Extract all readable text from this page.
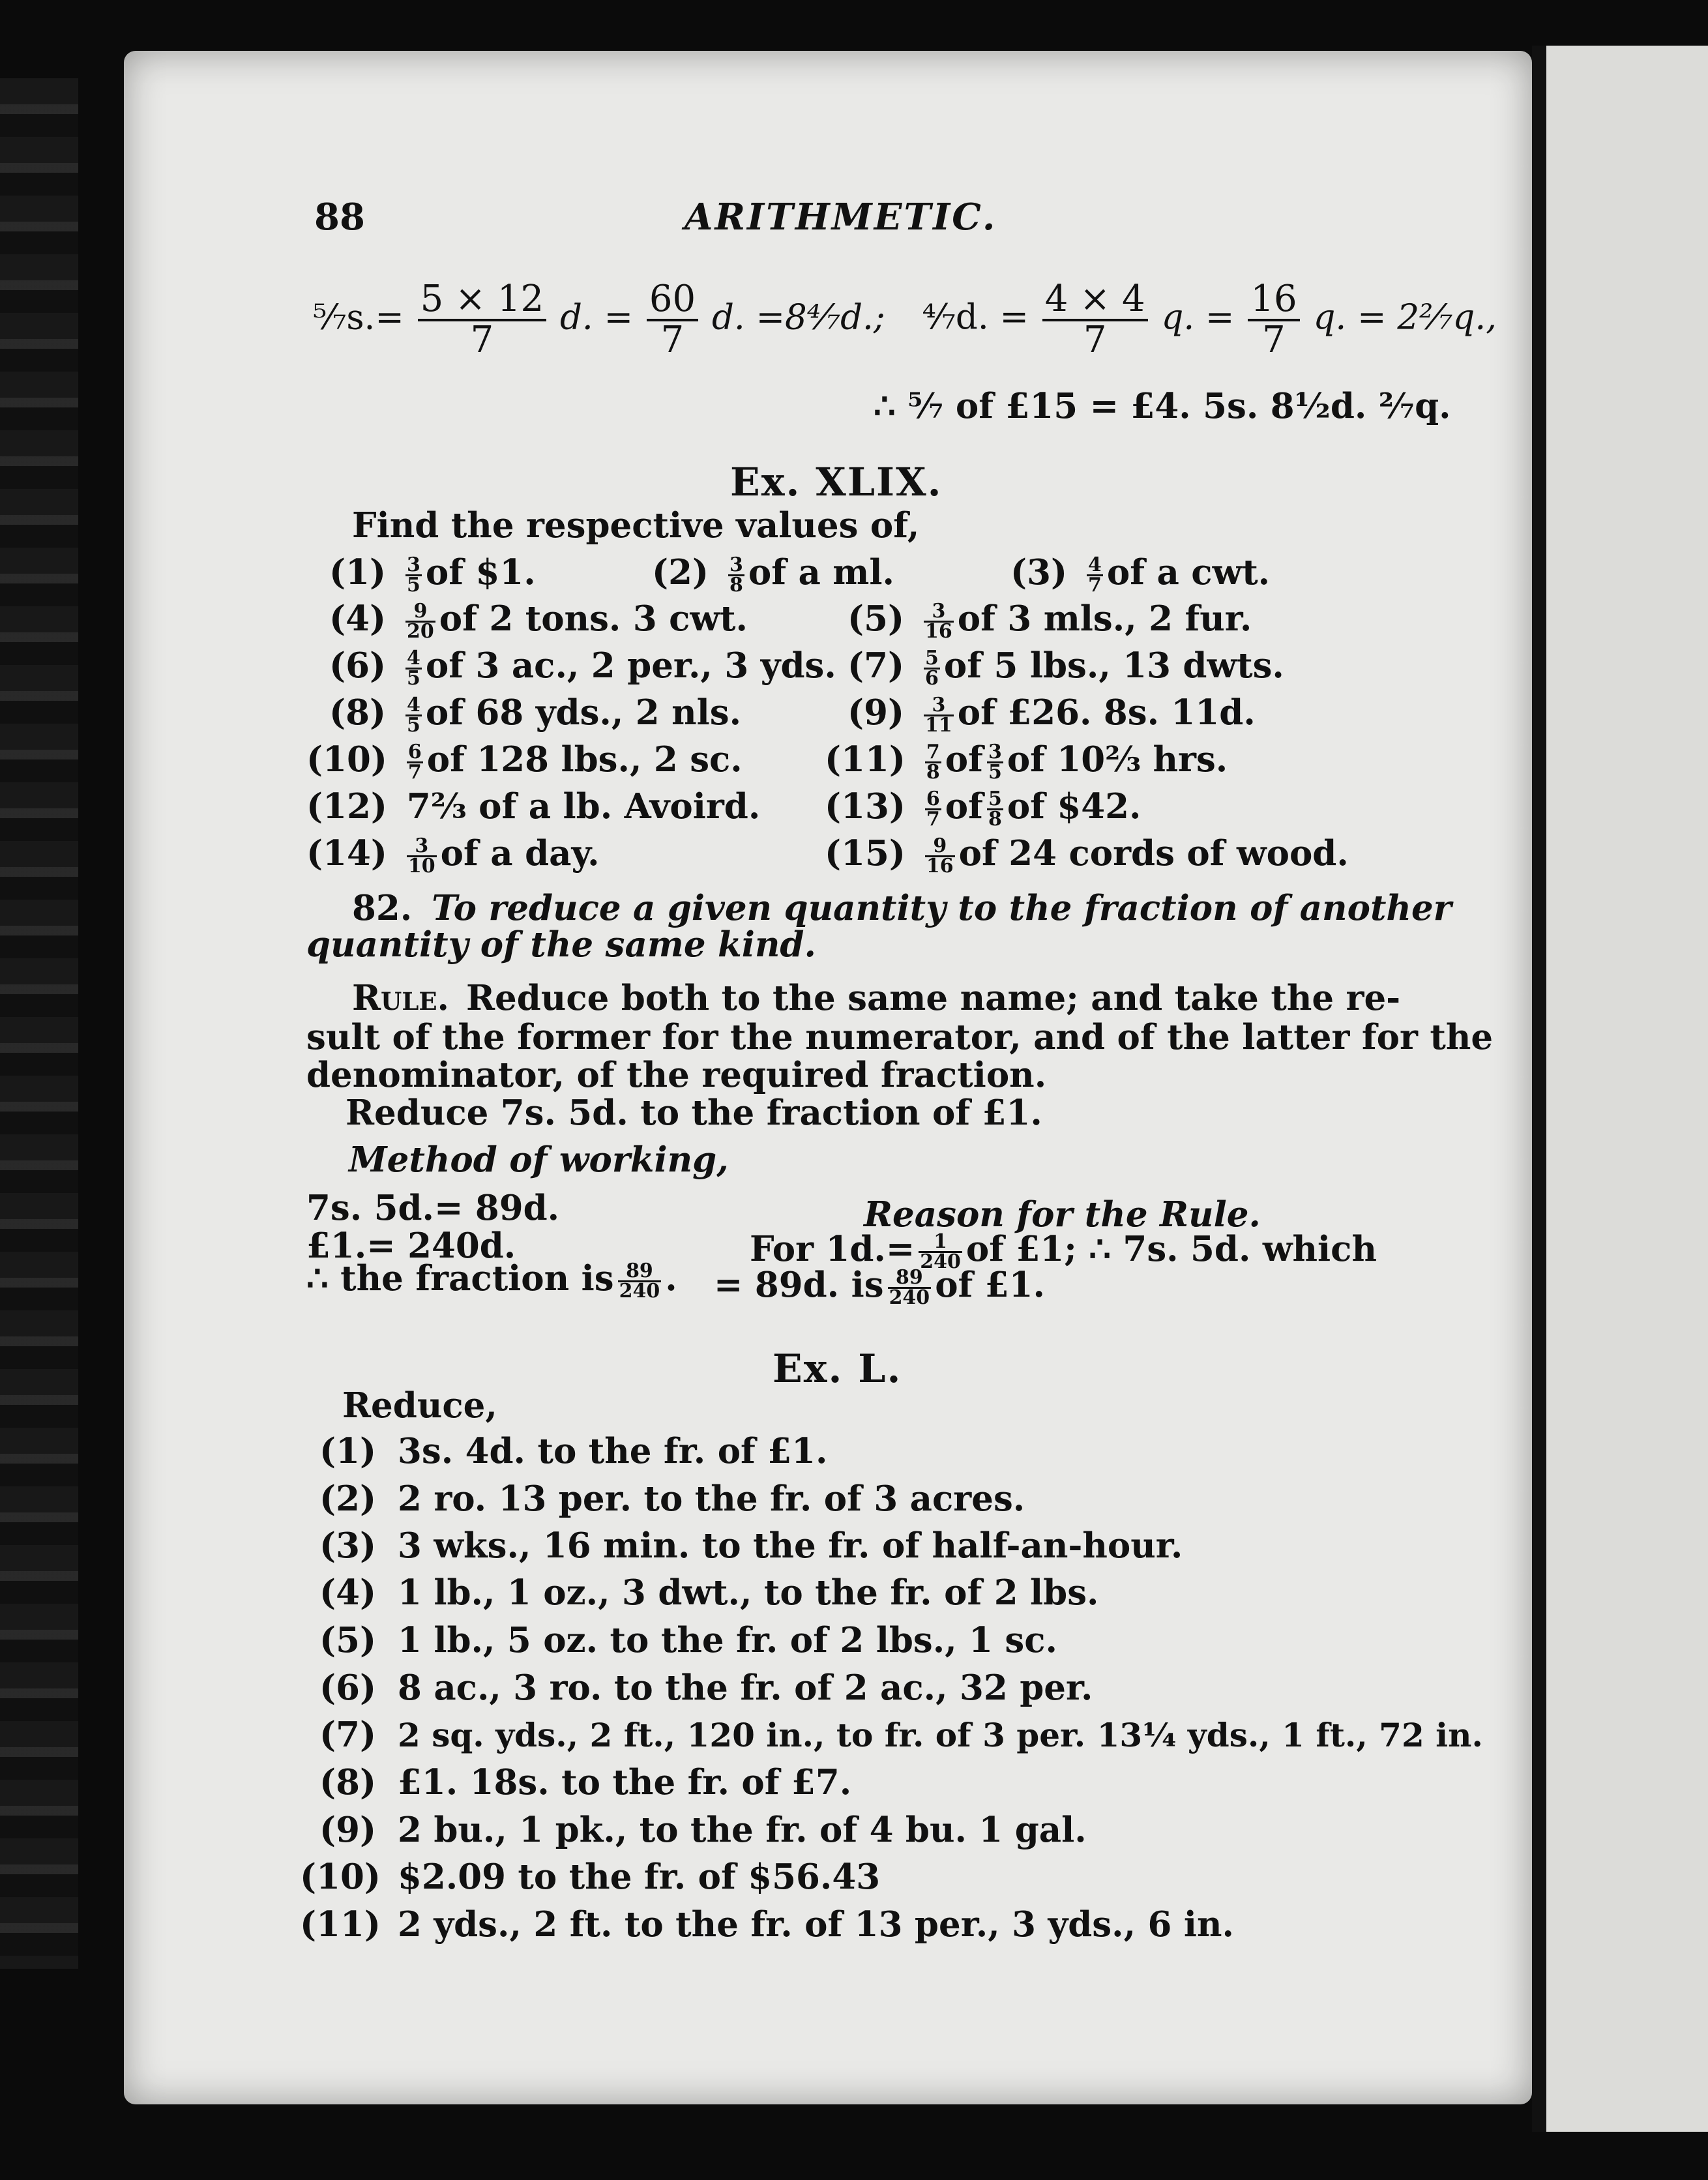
88	ARITHMETIC.
⁵⁄₇s.= $\frac{5 \times 12}{7} d$. = $\frac{60}{7} d$. =8⁴⁄₇d.; ⁴⁄₇d. = $\frac{4 \times 4}{7} q$. = $\frac{16}{7} q$. = 2²⁄₇q.,
∴ ⁵⁄₇ of £15 = £4. 5s. 8½d. ²⁄₇q.
Ex. XLIX.
Find the respective values of,
$(1) \frac{3}{5}$ of $1.	$(2) \frac{3}{8}$ of a ml.	$(3) \frac{4}{7}$ of a cwt.
$(4) \frac{9}{20}$ of 2 tons. 3 cwt.	$(5) \frac{3}{16}$ of 3 mls., 2 fur.
$(6) \frac{4}{5}$ of 3 ac., 2 per., 3 yds. $(7) \frac{5}{6}$ of 5 lbs., 13 dwts.
$(8) \frac{4}{5}$ of 68 yds., 2 nls.	$(9) \frac{3}{11}$ of £26. 8s. 11d.
$(10) \frac{6}{7}$ of 128 lbs., 2 sc. $(11) \frac{7}{8}$ of $\frac{3}{5}$ of 10⅔ hrs.
(12) 7⅔ of a lb. Avoird. $(13) \frac{6}{7}$ of $\frac{5}{8}$ of $42.
$(14) \frac{3}{10}$ of a day.	$(15) \frac{9}{16}$ of 24 cords of wood.
82. To reduce a given quantity to the fraction of another
quantity of the same kind.
Rule. Reduce both to the same name; and take the re-
sult of the former for the numerator, and of the latter for the
denominator, of the required fraction.
Reduce 7s. 5d. to the fraction of £1.
Method of working,
7s. 5d.= 89d.
£1.= 240d.
∴ the fraction is $\frac{89}{240}$ .
Reason for the Rule.
For $1d.= \frac{1}{240}$ of £1; ∴ 7s. 5d. which
= 89d. is $\frac{89}{240}$ of £1.
Ex. L.
Reduce,
(1) 3s. 4d. to the fr. of £1.
(2) 2 ro. 13 per. to the fr. of 3 acres.
(3) 3 wks., 16 min. to the fr. of half-an-hour.
(4) 1 lb., 1 oz., 3 dwt., to the fr. of 2 lbs.
(5) 1 lb., 5 oz. to the fr. of 2 lbs., 1 sc.
(6) 8 ac., 3 ro. to the fr. of 2 ac., 32 per.
(7) 2 sq. yds., 2 ft., 120 in., to fr. of 3 per. 13¼ yds., 1 ft., 72 in.
(8) £1. 18s. to the fr. of £7.
(9) 2 bu., 1 pk., to the fr. of 4 bu. 1 gal.
(10) $2.09 to the fr. of $56.43
(11) 2 yds., 2 ft. to the fr. of 13 per., 3 yds., 6 in.
